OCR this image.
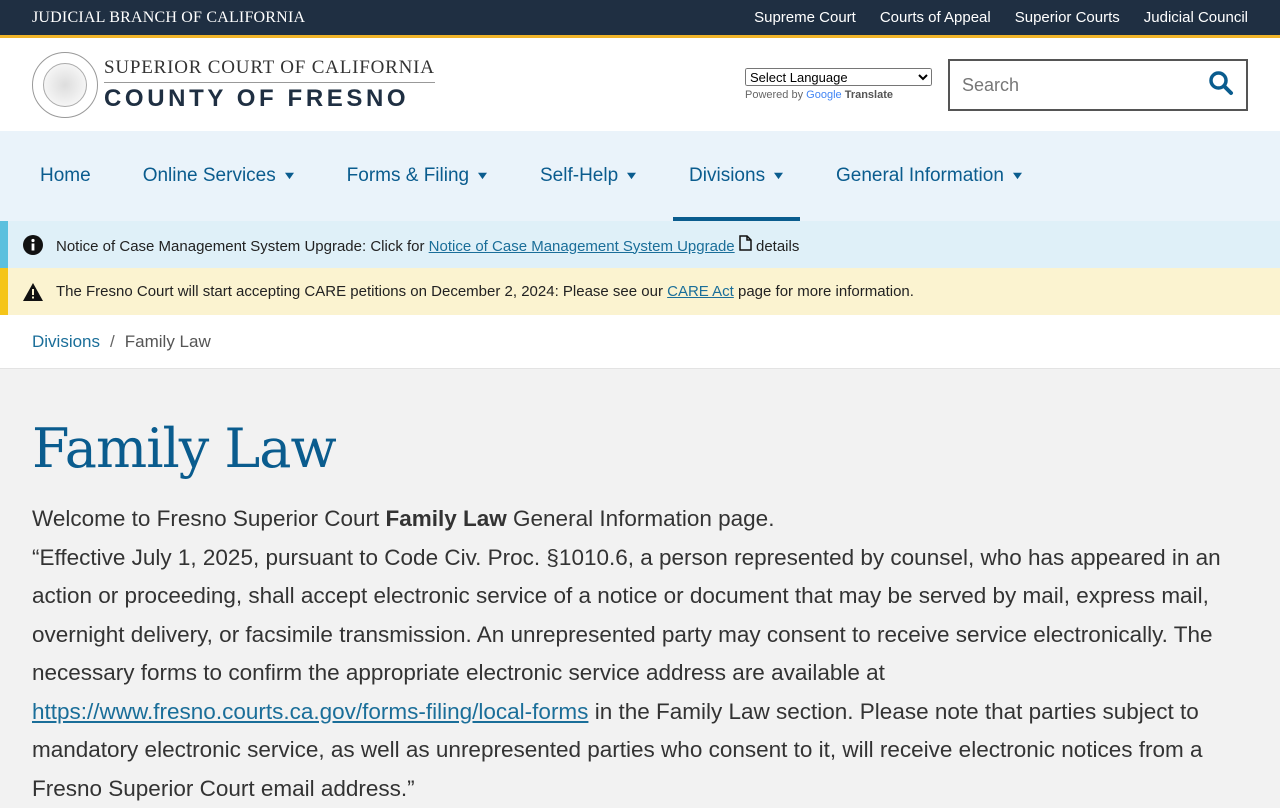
JUDICIAL BRANCH OF CALIFORNIA	Supreme Court Courts of Appeal Superior Courts Judicial Council
SUPERIOR COURT OF CALIFORNIA
COUNTY OF FRESNO
Select Language	Powered by Google Translate
Search
Home	Online Services ▼	Forms & Filing ▼	Self-Help ▼	Divisions ▼	General Information ▼
Notice of Case Management System Upgrade: Click for Notice of Case Management System Upgrade  details
The Fresno Court will start accepting CARE petitions on December 2, 2024: Please see our CARE Act page for more information.
Divisions / Family Law
Family Law

Welcome to Fresno Superior Court Family Law General Information page.
“Effective July 1, 2025, pursuant to Code Civ. Proc. §1010.6, a person represented by counsel, who has appeared in an action or proceeding, shall accept electronic service of a notice or document that may be served by mail, express mail, overnight delivery, or facsimile transmission. An unrepresented party may consent to receive service electronically. The necessary forms to confirm the appropriate electronic service address are available at https://www.fresno.courts.ca.gov/forms-filing/local-forms in the Family Law section. Please note that parties subject to mandatory electronic service, as well as unrepresented parties who consent to it, will receive electronic notices from a Fresno Superior Court email address.”
